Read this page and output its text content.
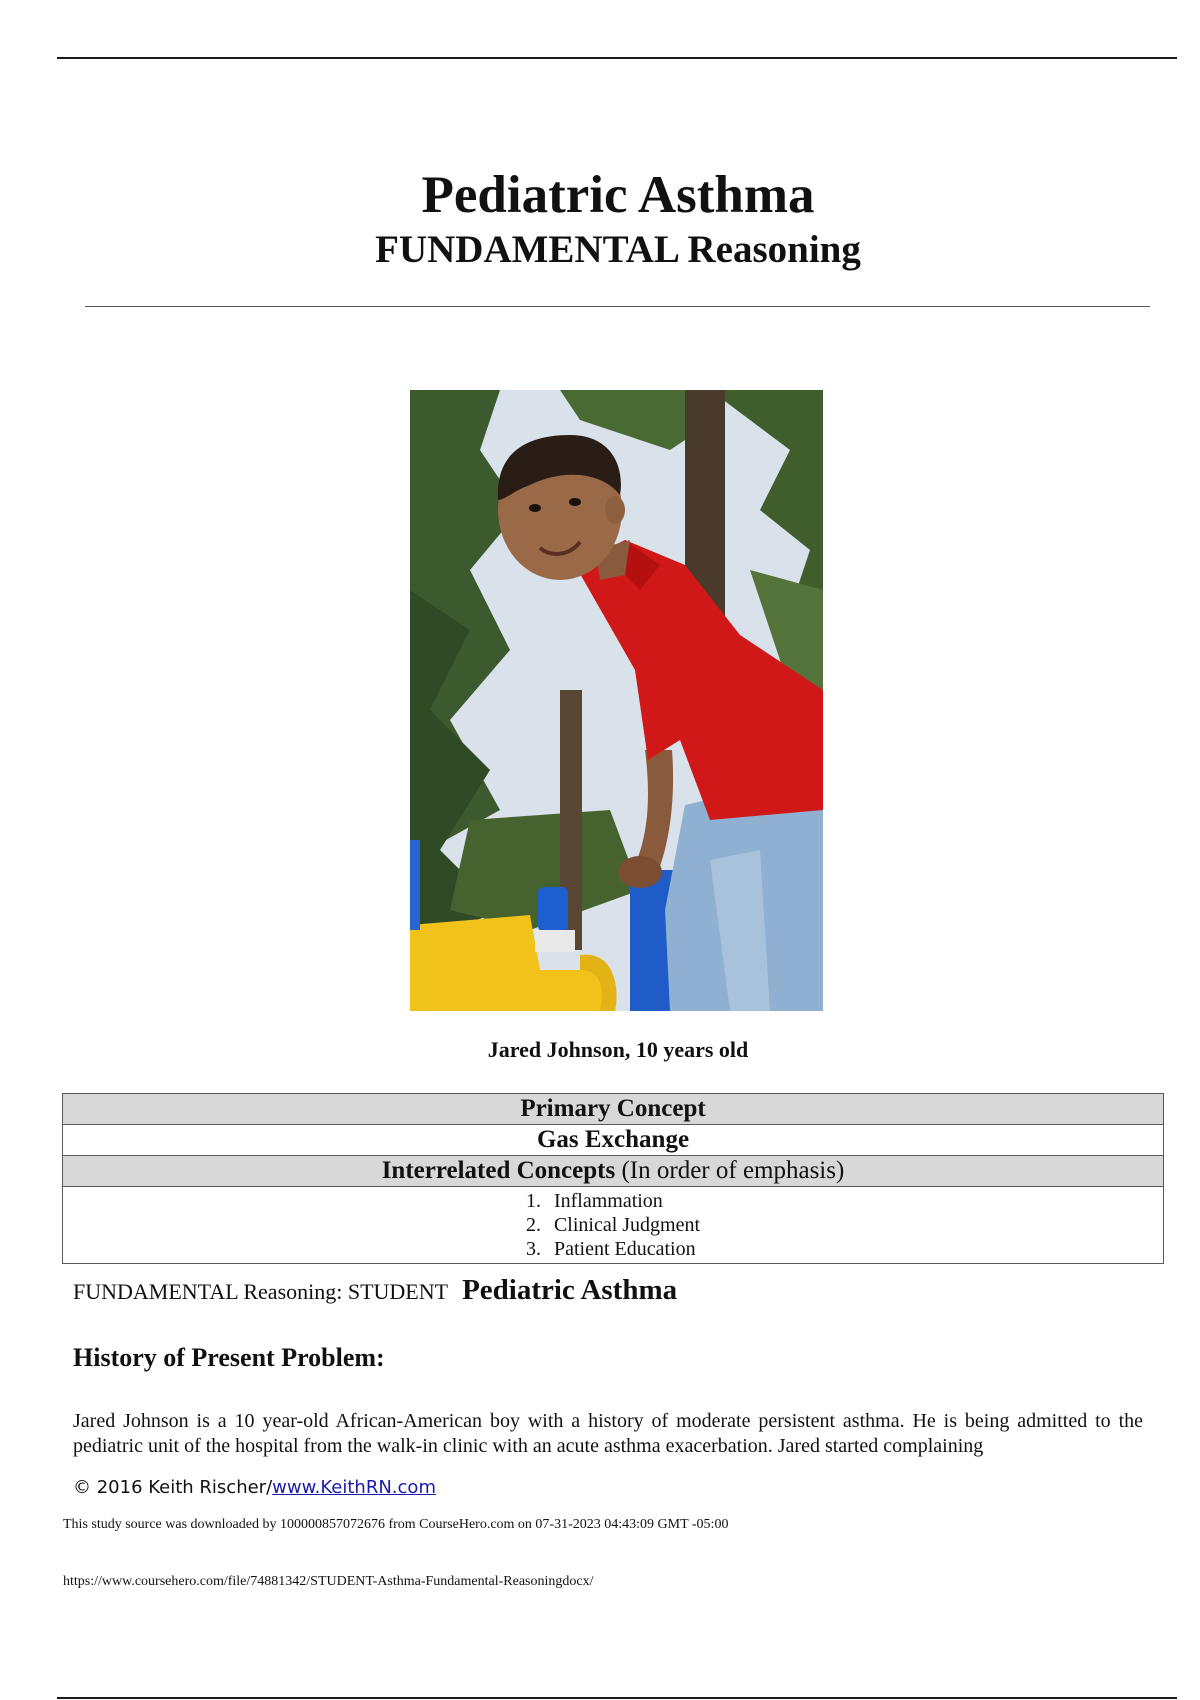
Pediatric Asthma
FUNDAMENTAL Reasoning
Jared Johnson, 10 years old
Primary Concept
Gas Exchange
Interrelated Concepts (In order of emphasis)

1. Inflammation
2. Clinical Judgment
3. Patient Education
FUNDAMENTAL Reasoning: STUDENT Pediatric Asthma
History of Present Problem:
Jared Johnson is a 10 year-old African-American boy with a history of moderate persistent asthma. He is being admitted to the pediatric unit of the hospital from the walk-in clinic with an acute asthma exacerbation. Jared started complaining
© 2016 Keith Rischer/www.KeithRN.com
This study source was downloaded by 100000857072676 from CourseHero.com on 07-31-2023 04:43:09 GMT -05:00
https://www.coursehero.com/file/74881342/STUDENT-Asthma-Fundamental-Reasoningdocx/
